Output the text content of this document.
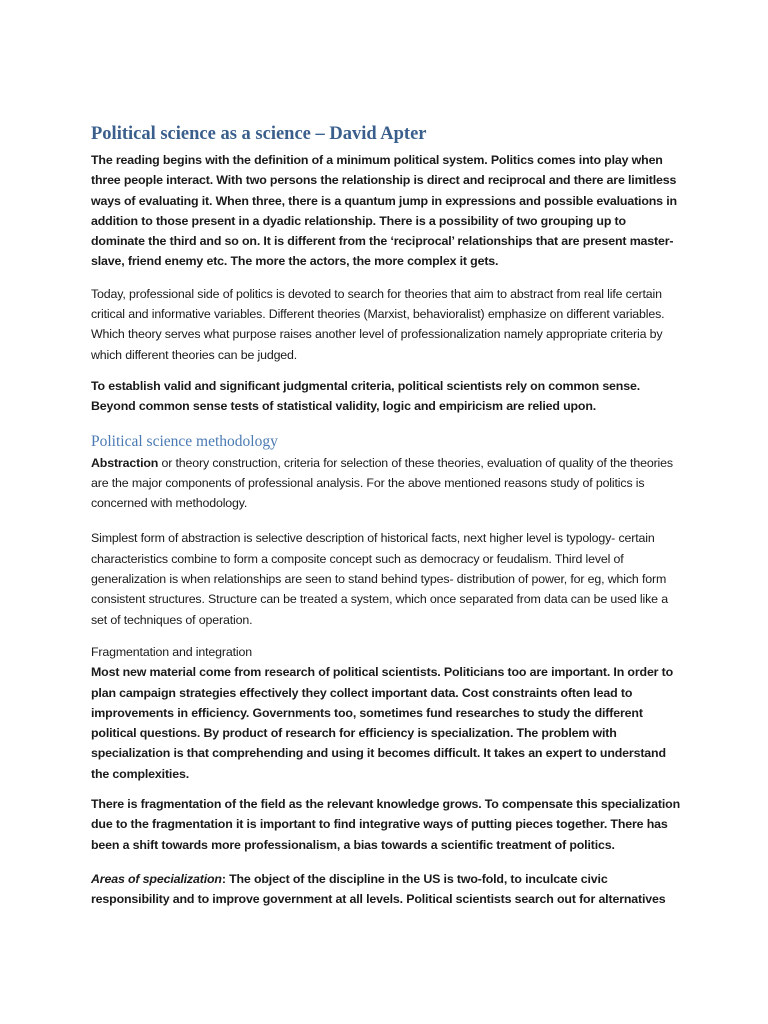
Political science as a science – David Apter

The reading begins with the definition of a minimum political system. Politics comes into play when three people interact. With two persons the relationship is direct and reciprocal and there are limitless ways of evaluating it. When three, there is a quantum jump in expressions and possible evaluations in addition to those present in a dyadic relationship. There is a possibility of two grouping up to dominate the third and so on. It is different from the ‘reciprocal’ relationships that are present master-slave, friend enemy etc. The more the actors, the more complex it gets.

Today, professional side of politics is devoted to search for theories that aim to abstract from real life certain critical and informative variables. Different theories (Marxist, behavioralist) emphasize on different variables. Which theory serves what purpose raises another level of professionalization namely appropriate criteria by which different theories can be judged.

To establish valid and significant judgmental criteria, political scientists rely on common sense. Beyond common sense tests of statistical validity, logic and empiricism are relied upon.

Political science methodology

Abstraction or theory construction, criteria for selection of these theories, evaluation of quality of the theories are the major components of professional analysis. For the above mentioned reasons study of politics is concerned with methodology.

Simplest form of abstraction is selective description of historical facts, next higher level is typology- certain characteristics combine to form a composite concept such as democracy or feudalism. Third level of generalization is when relationships are seen to stand behind types- distribution of power, for eg, which form consistent structures. Structure can be treated a system, which once separated from data can be used like a set of techniques of operation.

Fragmentation and integration

Most new material come from research of political scientists. Politicians too are important. In order to plan campaign strategies effectively they collect important data. Cost constraints often lead to improvements in efficiency. Governments too, sometimes fund researches to study the different political questions. By product of research for efficiency is specialization. The problem with specialization is that comprehending and using it becomes difficult. It takes an expert to understand the complexities.

There is fragmentation of the field as the relevant knowledge grows. To compensate this specialization due to the fragmentation it is important to find integrative ways of putting pieces together. There has been a shift towards more professionalism, a bias towards a scientific treatment of politics.

Areas of specialization: The object of the discipline in the US is two-fold, to inculcate civic responsibility and to improve government at all levels. Political scientists search out for alternatives
